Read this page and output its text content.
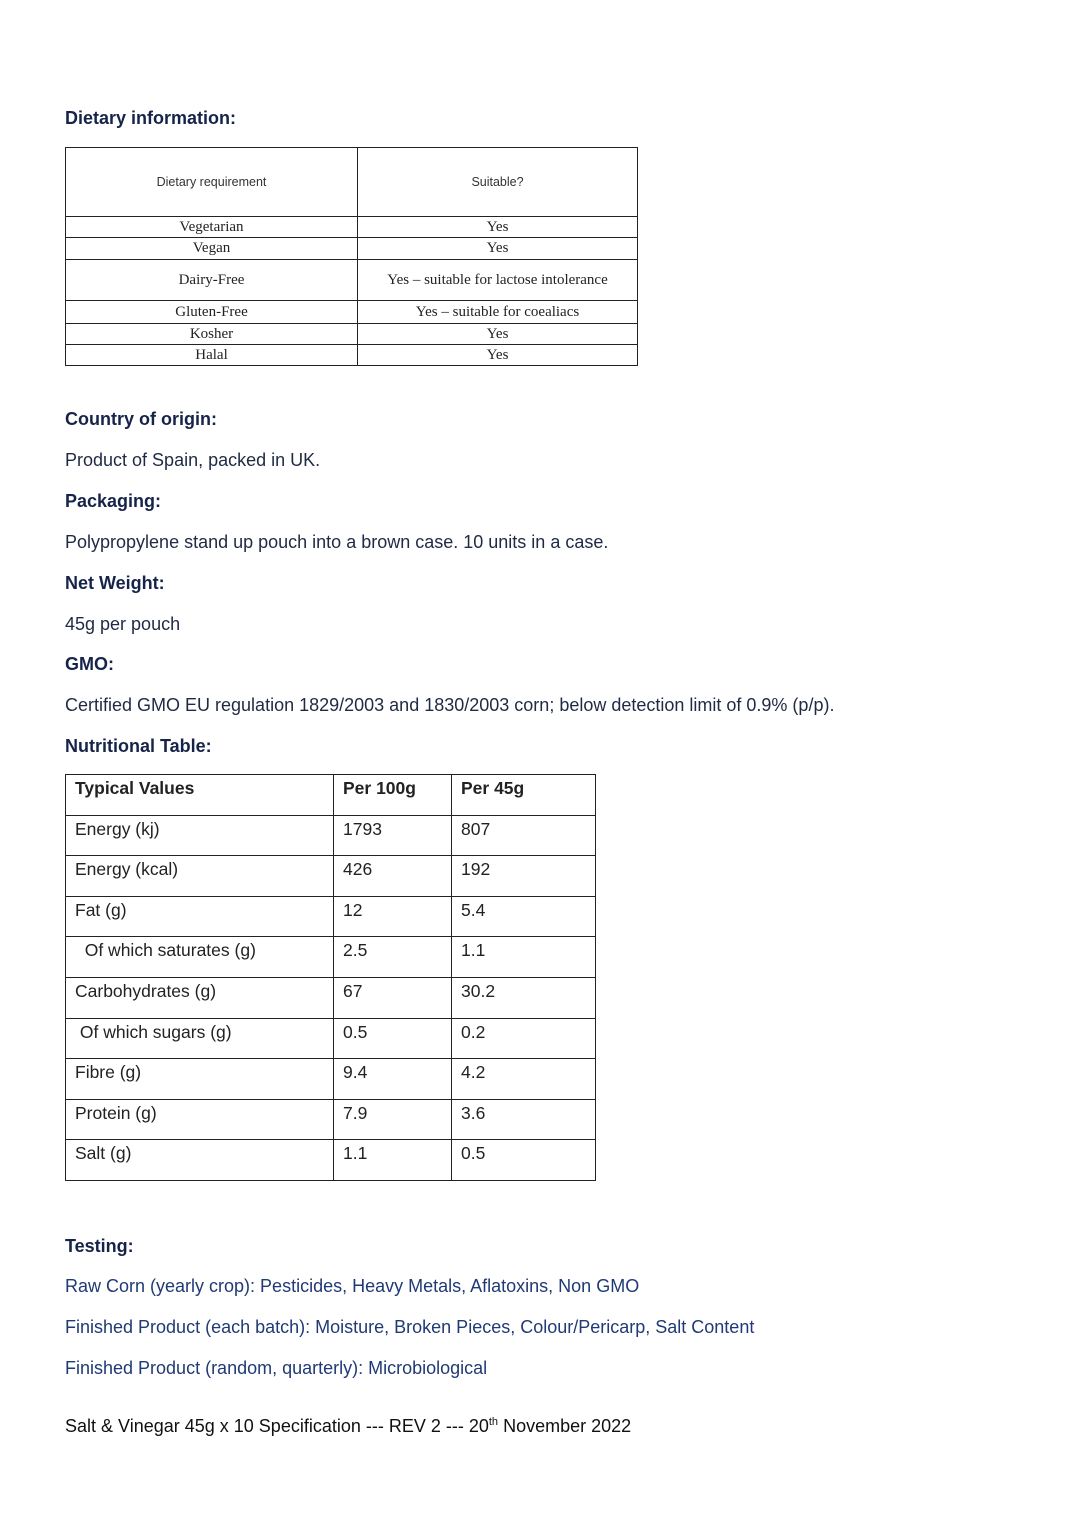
Dietary information:
Dietary requirement	Suitable?
Vegetarian	Yes
Vegan	Yes
Dairy-Free	Yes – suitable for lactose intolerance
Gluten-Free	Yes – suitable for coealiacs
Kosher	Yes
Halal	Yes
Country of origin:

Product of Spain, packed in UK.

Packaging:

Polypropylene stand up pouch into a brown case. 10 units in a case.

Net Weight:

45g per pouch

GMO:

Certified GMO EU regulation 1829/2003 and 1830/2003 corn; below detection limit of 0.9% (p/p).

Nutritional Table:
Typical Values	Per 100g	Per 45g
Energy (kj)	1793	807
Energy (kcal)	426	192
Fat (g)	12	5.4
Of which saturates (g)	2.5	1.1
Carbohydrates (g)	67	30.2
Of which sugars (g)	0.5	0.2
Fibre (g)	9.4	4.2
Protein (g)	7.9	3.6
Salt (g)	1.1	0.5
Testing:

Raw Corn (yearly crop): Pesticides, Heavy Metals, Aflatoxins, Non GMO

Finished Product (each batch): Moisture, Broken Pieces, Colour/Pericarp, Salt Content

Finished Product (random, quarterly): Microbiological

Salt & Vinegar 45g x 10 Specification --- REV 2 --- 20th November 2022
